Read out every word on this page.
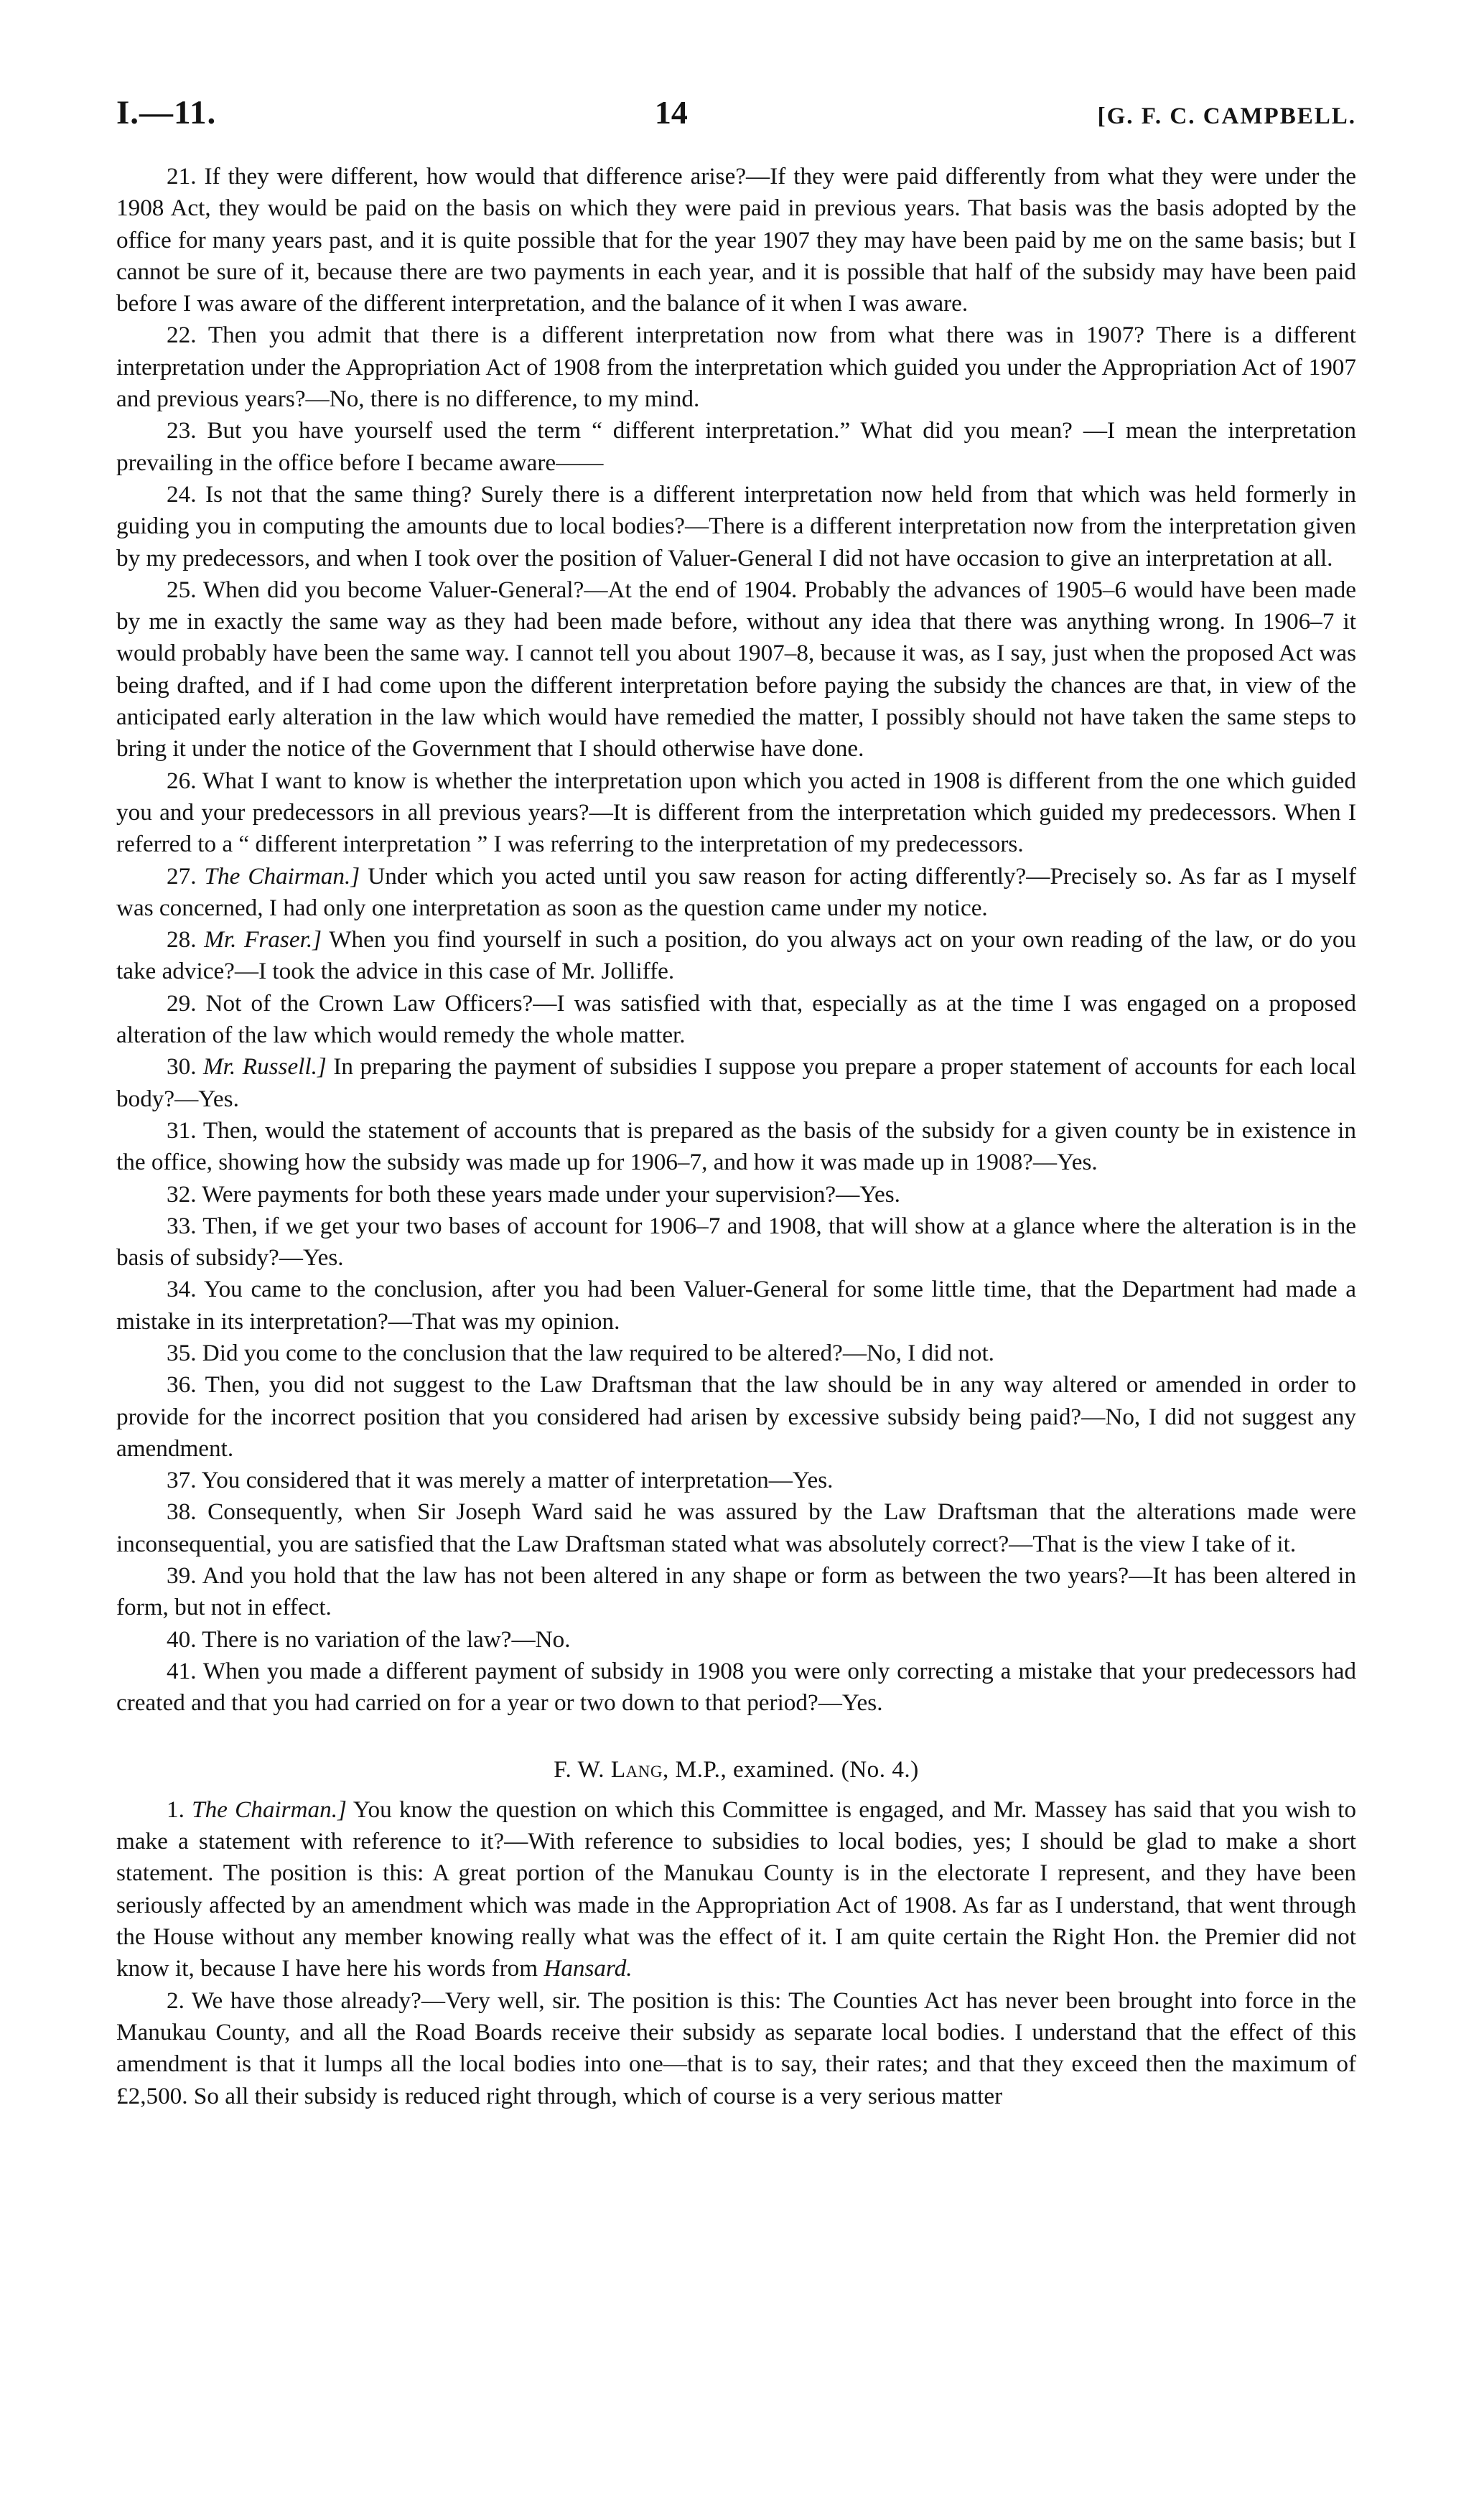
I.—11.	14	[G. F. C. CAMPBELL.

21. If they were different, how would that difference arise?—If they were paid differently from what they were under the 1908 Act, they would be paid on the basis on which they were paid in previous years. That basis was the basis adopted by the office for many years past, and it is quite possible that for the year 1907 they may have been paid by me on the same basis; but I cannot be sure of it, because there are two payments in each year, and it is possible that half of the subsidy may have been paid before I was aware of the different interpretation, and the balance of it when I was aware.

22. Then you admit that there is a different interpretation now from what there was in 1907? There is a different interpretation under the Appropriation Act of 1908 from the interpretation which guided you under the Appropriation Act of 1907 and previous years?—No, there is no difference, to my mind.

23. But you have yourself used the term “ different interpretation.” What did you mean? —I mean the interpretation prevailing in the office before I became aware——

24. Is not that the same thing? Surely there is a different interpretation now held from that which was held formerly in guiding you in computing the amounts due to local bodies?—There is a different interpretation now from the interpretation given by my predecessors, and when I took over the position of Valuer-General I did not have occasion to give an interpretation at all.

25. When did you become Valuer-General?—At the end of 1904. Probably the advances of 1905–6 would have been made by me in exactly the same way as they had been made before, without any idea that there was anything wrong. In 1906–7 it would probably have been the same way. I cannot tell you about 1907–8, because it was, as I say, just when the proposed Act was being drafted, and if I had come upon the different interpretation before paying the subsidy the chances are that, in view of the anticipated early alteration in the law which would have remedied the matter, I possibly should not have taken the same steps to bring it under the notice of the Government that I should otherwise have done.

26. What I want to know is whether the interpretation upon which you acted in 1908 is different from the one which guided you and your predecessors in all previous years?—It is different from the interpretation which guided my predecessors. When I referred to a “ different interpretation ” I was referring to the interpretation of my predecessors.

27. The Chairman.] Under which you acted until you saw reason for acting differently?—Precisely so. As far as I myself was concerned, I had only one interpretation as soon as the question came under my notice.

28. Mr. Fraser.] When you find yourself in such a position, do you always act on your own reading of the law, or do you take advice?—I took the advice in this case of Mr. Jolliffe.

29. Not of the Crown Law Officers?—I was satisfied with that, especially as at the time I was engaged on a proposed alteration of the law which would remedy the whole matter.

30. Mr. Russell.] In preparing the payment of subsidies I suppose you prepare a proper statement of accounts for each local body?—Yes.

31. Then, would the statement of accounts that is prepared as the basis of the subsidy for a given county be in existence in the office, showing how the subsidy was made up for 1906–7, and how it was made up in 1908?—Yes.

32. Were payments for both these years made under your supervision?—Yes.

33. Then, if we get your two bases of account for 1906–7 and 1908, that will show at a glance where the alteration is in the basis of subsidy?—Yes.

34. You came to the conclusion, after you had been Valuer-General for some little time, that the Department had made a mistake in its interpretation?—That was my opinion.

35. Did you come to the conclusion that the law required to be altered?—No, I did not.

36. Then, you did not suggest to the Law Draftsman that the law should be in any way altered or amended in order to provide for the incorrect position that you considered had arisen by excessive subsidy being paid?—No, I did not suggest any amendment.

37. You considered that it was merely a matter of interpretation—Yes.

38. Consequently, when Sir Joseph Ward said he was assured by the Law Draftsman that the alterations made were inconsequential, you are satisfied that the Law Draftsman stated what was absolutely correct?—That is the view I take of it.

39. And you hold that the law has not been altered in any shape or form as between the two years?—It has been altered in form, but not in effect.

40. There is no variation of the law?—No.

41. When you made a different payment of subsidy in 1908 you were only correcting a mistake that your predecessors had created and that you had carried on for a year or two down to that period?—Yes.

F. W. Lang, M.P., examined. (No. 4.)

1. The Chairman.] You know the question on which this Committee is engaged, and Mr. Massey has said that you wish to make a statement with reference to it?—With reference to subsidies to local bodies, yes; I should be glad to make a short statement. The position is this: A great portion of the Manukau County is in the electorate I represent, and they have been seriously affected by an amendment which was made in the Appropriation Act of 1908. As far as I understand, that went through the House without any member knowing really what was the effect of it. I am quite certain the Right Hon. the Premier did not know it, because I have here his words from Hansard.

2. We have those already?—Very well, sir. The position is this: The Counties Act has never been brought into force in the Manukau County, and all the Road Boards receive their subsidy as separate local bodies. I understand that the effect of this amendment is that it lumps all the local bodies into one—that is to say, their rates; and that they exceed then the maximum of £2,500. So all their subsidy is reduced right through, which of course is a very serious matter
